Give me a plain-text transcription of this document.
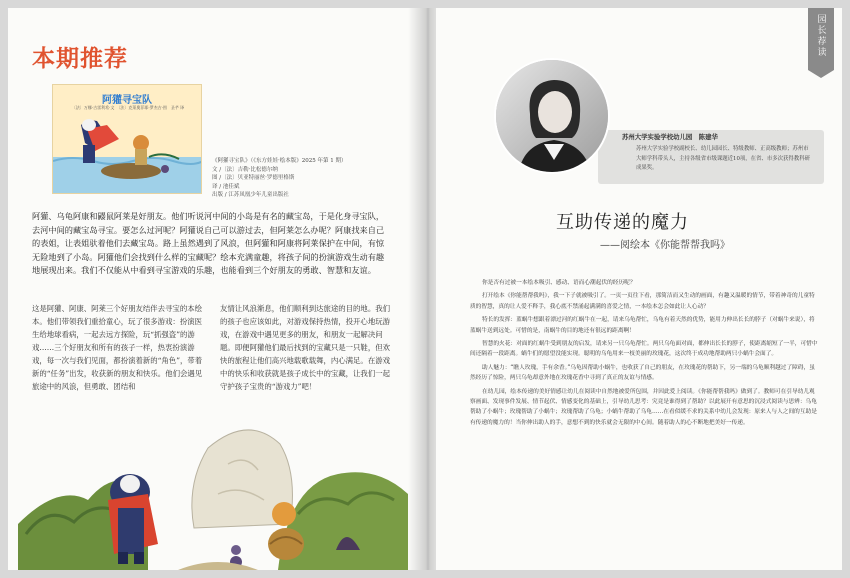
本期推荐
阿獾寻宝队
〔法〕万娜·古雷利希·文　〔法〕克莱奥菲耶·罗杰吉·图　圣芊 译
《阿獾寻宝队》（《东方娃娃·绘本版》2025 年第 1 期）
文 /〔法〕吉勒·比松德尔纳
图 /〔法〕贝亚特丽丝·罗德里格斯
译 / 池佳斌
出版 / 江苏凤凰少年儿童出版社
阿獾、乌龟阿康和鼹鼠阿莱是好朋友。他们听说河中间的小岛是有名的藏宝岛，于是化身寻宝队，去河中间的藏宝岛寻宝。要怎么过河呢？阿獾说自己可以游过去，但阿莱怎么办呢？阿康找来自己的表姐，让表姐驮着他们去藏宝岛。路上虽然遇到了风浪，但阿獾和阿康将阿莱保护在中间，有惊无险地到了小岛。阿獾他们会找到什么样的宝藏呢？绘本充满童趣，将孩子间的扮演游戏生动有趣地展现出来。我们不仅能从中看到寻宝游戏的乐趣，也能看到三个好朋友的勇敢、智慧和友谊。
这是阿獾、阿康、阿莱三个好朋友结伴去寻宝的本绘本。他们带领我们重拾童心，玩了很多游戏：扮演医生给地球看病，一起去远方探险，玩“抓强盗”的游戏……三个好朋友和所有的孩子一样，热衷扮演游戏，每一次与我们见面，都扮演着新的“角色”，带着新的“任务”出发，收获新的朋友和快乐。他们会遇见旅途中的风浪，但勇敢、团结和
友情让风浪渐息，他们顺利到达旅途的目的地。我们的孩子也应该如此，对游戏保持热情，投开心地玩游戏，在游戏中遇见更多的朋友，和朋友一起解决问题。即便阿獾他们最后找到的宝藏只是一只鞋，但欢快的旅程让他们高兴地载歌载舞，内心满足。在游戏中的快乐和收获就是孩子成长中的宝藏，让我们一起守护孩子宝贵的“游戏力”吧！
园长荐读
苏州大学实验学校幼儿园　陈建华
苏州大学实验学校副校长、幼儿园园长、特级教师、正高级教师；苏州市大师学科带头人，主持各级省市级课题近10项，在省、市多次获得教科研成果奖。
互助传递的魔力
——阅绘本《你能帮帮我吗》

你是否有过被一本绘本吸引、感动、语而心潮起伏的经历呢？

打开绘本《你能帮帮我吗》，我一下子就被吸引了。一页一页往下看，那简洁而又生动的画面，有趣又温暖的情节，带着神奇的儿童特质的智慧，真的让人爱不释手，我心底不禁涌起满满的喜爱之情，一本绘本怎会如此让人心动？

特长的发挥：蓝蜗牛想跟着漂过河的红蜗牛在一起，请来乌龟帮忙，乌龟有着天然的优势，能用力伸出长长的脖子（对蜗牛来说），将蓝蜗牛送到远处。可惜的是，南蜗牛的目的地还有很远的距离啊！

智慧的火花：对面的红蜗牛受到朋友的启发，请来另一只乌龟帮忙。两只乌龟面对面，都伸出长长的脖子，使距离缩短了一半，可惜中间还隔着一段距离。蜗牛们的愿望没能实现。聪明的乌龟用来一枝美丽的玫瑰花，这次终于成功地帮助两只小蜗牛会面了。

助人魅力：“瞧人玫瑰，手有余香。”乌龟因帮助小蜗牛，也收获了自己的朋友，在玫瑰花的帮助下，另一端的乌龟顺利越过了障碍，虽然经历了惊险，两只乌龟却意外地在玫瑰花香中寻到了真正的友谊与情感。

在幼儿园，绘本传递的美好情感让幼儿在阅读中自然地被爱所包围，并因此爱上阅读。《你能帮帮我吗》做到了。教师可在引导幼儿观察画面、发现事件发展、情节起伏、情感变化的基础上，引导幼儿思考：究竟是谁得到了帮助？以此展开有意思的沉浸式阅读与思辨：乌龟帮助了小蜗牛；玫瑰帮助了小蜗牛；玫瑰帮助了乌龟；小蜗牛帮助了乌龟……在看似缓不求的关系中幼儿会发现：原来人与人之间的互助是有传递的魔力的！当你伸出助人的手，意想不到的快乐就会无限的中心间。随着助人的心不断地把美好一传递。
